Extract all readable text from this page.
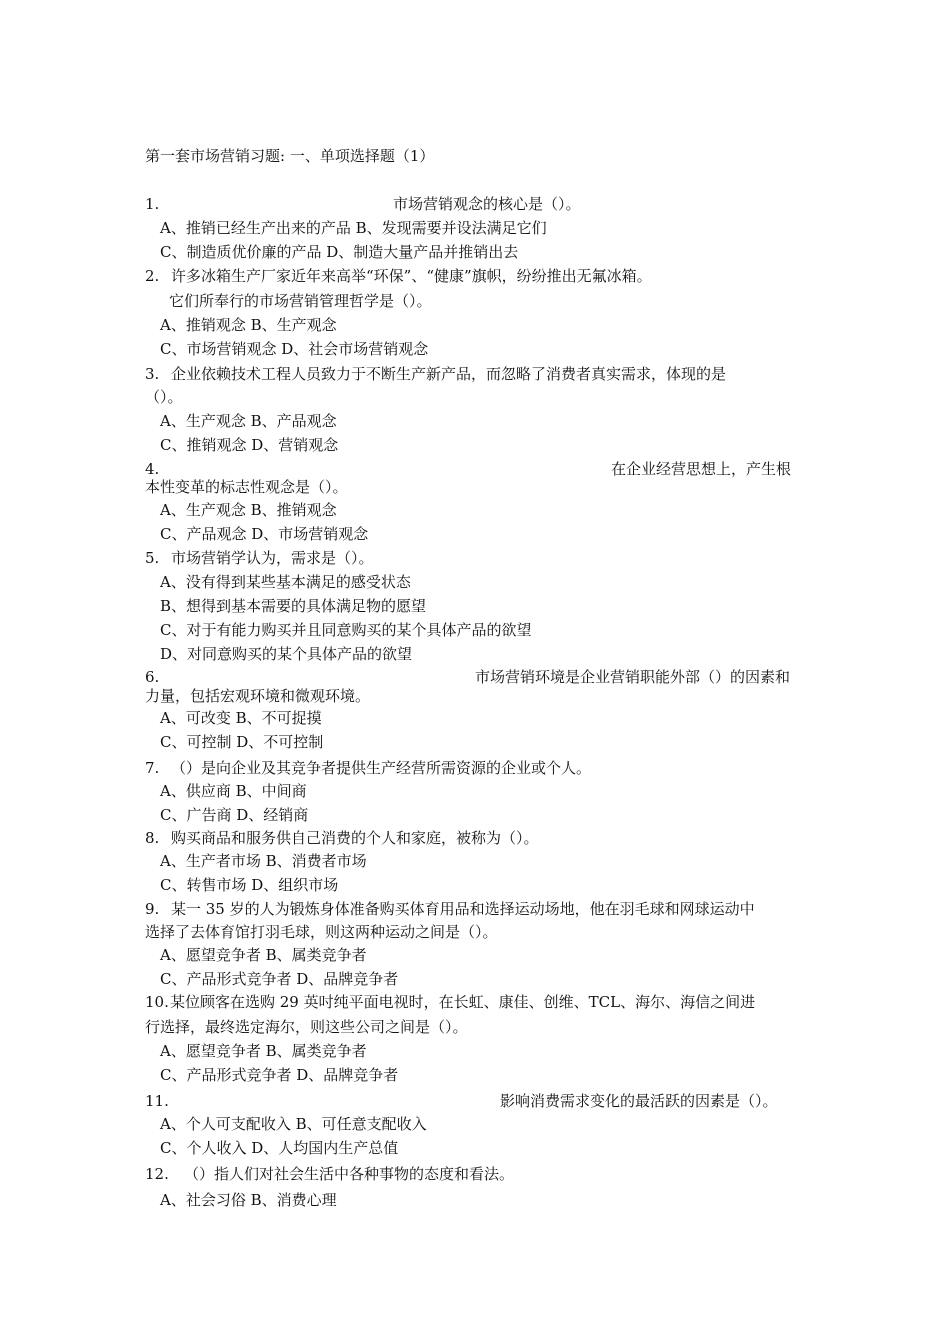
第一套市场营销习题: 一、单项选择题（1）
1.	市场营销观念的核心是（）。
A、推销已经生产出来的产品 B、发现需要并设法满足它们
C、制造质优价廉的产品 D、制造大量产品并推销出去
2. 许多冰箱生产厂家近年来高举“环保”、“健康”旗帜，纷纷推出无氟冰箱。
它们所奉行的市场营销管理哲学是（）。
A、推销观念 B、生产观念
C、市场营销观念 D、社会市场营销观念
3. 企业依赖技术工程人员致力于不断生产新产品，而忽略了消费者真实需求，体现的是
（）。
A、生产观念 B、产品观念
C、推销观念 D、营销观念
4.	在企业经营思想上，产生根
本性变革的标志性观念是（）。
A、生产观念 B、推销观念
C、产品观念 D、市场营销观念
5. 市场营销学认为，需求是（）。
A、没有得到某些基本满足的感受状态
B、想得到基本需要的具体满足物的愿望
C、对于有能力购买并且同意购买的某个具体产品的欲望
D、对同意购买的某个具体产品的欲望
6.	市场营销环境是企业营销职能外部（）的因素和
力量，包括宏观环境和微观环境。
A、可改变 B、不可捉摸
C、可控制 D、不可控制
7. （）是向企业及其竞争者提供生产经营所需资源的企业或个人。
A、供应商 B、中间商
C、广告商 D、经销商
8. 购买商品和服务供自己消费的个人和家庭，被称为（）。
A、生产者市场 B、消费者市场
C、转售市场 D、组织市场
9. 某一 35 岁的人为锻炼身体准备购买体育用品和选择运动场地，他在羽毛球和网球运动中
选择了去体育馆打羽毛球，则这两种运动之间是（）。
A、愿望竞争者 B、属类竞争者
C、产品形式竞争者 D、品牌竞争者
10. 某位顾客在选购 29 英吋纯平面电视时，在长虹、康佳、创维、TCL、海尔、海信之间进
行选择，最终选定海尔，则这些公司之间是（）。
A、愿望竞争者 B、属类竞争者
C、产品形式竞争者 D、品牌竞争者
11.	影响消费需求变化的最活跃的因素是（）。
A、个人可支配收入 B、可任意支配收入
C、个人收入 D、人均国内生产总值
12. （）指人们对社会生活中各种事物的态度和看法。
A、社会习俗 B、消费心理
